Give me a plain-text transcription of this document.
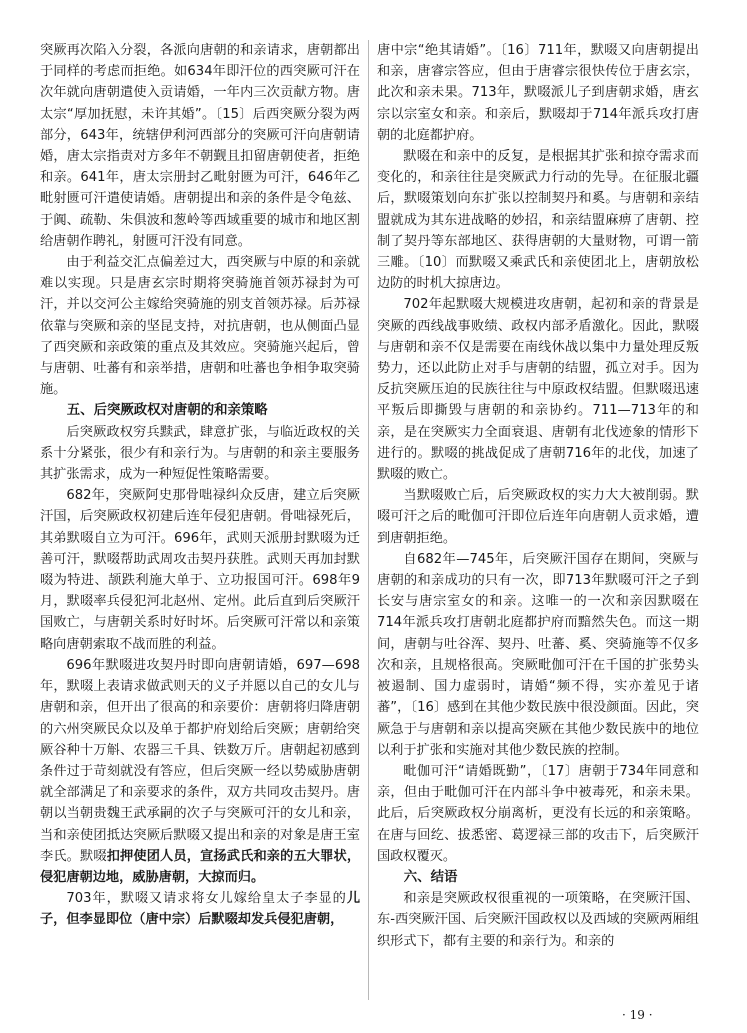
突厥再次陷入分裂，各派向唐朝的和亲请求，唐朝都出于同样的考虑而拒绝。如634年即汗位的西突厥可汗在次年就向唐朝遣使入贡请婚，一年内三次贡献方物。唐太宗“厚加抚慰，未许其婚”。〔15〕后西突厥分裂为两部分，643年，统辖伊利河西部分的突厥可汗向唐朝请婚，唐太宗指责对方多年不朝觐且扣留唐朝使者，拒绝和亲。641年，唐太宗册封乙毗射匮为可汗，646年乙毗射匮可汗遣使请婚。唐朝提出和亲的条件是令龟兹、于阗、疏勒、朱俱波和葱岭等西域重要的城市和地区割给唐朝作聘礼，射匮可汗没有同意。

由于利益交汇点偏差过大，西突厥与中原的和亲就难以实现。只是唐玄宗时期将突骑施首领苏禄封为可汗，并以交河公主嫁给突骑施的别支首领苏禄。后苏禄依靠与突厥和亲的坚昆支持，对抗唐朝，也从侧面凸显了西突厥和亲政策的重点及其效应。突骑施兴起后，曾与唐朝、吐蕃有和亲举措，唐朝和吐蕃也争相争取突骑施。

五、后突厥政权对唐朝的和亲策略

后突厥政权穷兵黩武，肆意扩张，与临近政权的关系十分紧张，很少有和亲行为。与唐朝的和亲主要服务其扩张需求，成为一种短促性策略需要。

682年，突厥阿史那骨咄禄纠众反唐，建立后突厥汗国，后突厥政权初建后连年侵犯唐朝。骨咄禄死后，其弟默啜自立为可汗。696年，武则天派册封默啜为迁善可汗，默啜帮助武周攻击契丹获胜。武则天再加封默啜为特进、颉跌利施大单于、立功报国可汗。698年9月，默啜率兵侵犯河北赵州、定州。此后直到后突厥汗国败亡，与唐朝关系时好时坏。后突厥可汗常以和亲策略向唐朝索取不战而胜的利益。

696年默啜进攻契丹时即向唐朝请婚，697—698年，默啜上表请求做武则天的义子并愿以自己的女儿与唐朝和亲，但开出了很高的和亲要价：唐朝将归降唐朝的六州突厥民众以及单于都护府划给后突厥；唐朝给突厥谷种十万斛、农器三千具、铁数万斤。唐朝起初感到条件过于苛刻就没有答应，但后突厥一经以势威胁唐朝就全部满足了和亲要求的条件，双方共同攻击契丹。唐朝以当朝贵魏王武承嗣的次子与突厥可汗的女儿和亲，当和亲使团抵达突厥后默啜又提出和亲的对象是唐王室李氏。默啜扣押使团人员，宣扬武氏和亲的五大罪状，侵犯唐朝边地，威胁唐朝，大掠而归。

703年，默啜又请求将女儿嫁给皇太子李显的儿子，但李显即位（唐中宗）后默啜却发兵侵犯唐朝，

唐中宗“绝其请婚”。〔16〕711年，默啜又向唐朝提出和亲，唐睿宗答应，但由于唐睿宗很快传位于唐玄宗，此次和亲未果。713年，默啜派儿子到唐朝求婚，唐玄宗以宗室女和亲。和亲后，默啜却于714年派兵攻打唐朝的北庭都护府。

默啜在和亲中的反复，是根据其扩张和掠夺需求而变化的，和亲往往是突厥武力行动的先导。在征服北疆后，默啜策划向东扩张以控制契丹和奚。与唐朝和亲结盟就成为其东进战略的妙招，和亲结盟麻痹了唐朝、控制了契丹等东部地区、获得唐朝的大量财物，可谓一箭三雕。〔10〕而默啜又乘武氏和亲使团北上，唐朝放松边防的时机大掠唐边。

702年起默啜大规模进攻唐朝，起初和亲的背景是突厥的西线战事败绩、政权内部矛盾激化。因此，默啜与唐朝和亲不仅是需要在南线休战以集中力量处理反叛势力，还以此防止对手与唐朝的结盟，孤立对手。因为反抗突厥压迫的民族往往与中原政权结盟。但默啜迅速平叛后即撕毁与唐朝的和亲协约。711—713年的和亲，是在突厥实力全面衰退、唐朝有北伐迹象的情形下进行的。默啜的挑战促成了唐朝716年的北伐，加速了默啜的败亡。

当默啜败亡后，后突厥政权的实力大大被削弱。默啜可汗之后的毗伽可汗即位后连年向唐朝人贡求婚，遭到唐朝拒绝。

自682年—745年，后突厥汗国存在期间，突厥与唐朝的和亲成功的只有一次，即713年默啜可汗之子到长安与唐宗室女的和亲。这唯一的一次和亲因默啜在714年派兵攻打唐朝北庭都护府而黯然失色。而这一期间，唐朝与吐谷浑、契丹、吐蕃、奚、突骑施等不仅多次和亲，且规格很高。突厥毗伽可汗在千国的扩张势头被遏制、国力虚弱时，请婚“频不得，实亦羞见于诸蕃”，〔16〕感到在其他少数民族中很没颜面。因此，突厥急于与唐朝和亲以提高突厥在其他少数民族中的地位以利于扩张和实施对其他少数民族的控制。

毗伽可汗“请婚既勤”，〔17〕唐朝于734年同意和亲，但由于毗伽可汗在内部斗争中被毒死，和亲未果。此后，后突厥政权分崩离析，更没有长远的和亲策略。在唐与回纥、拔悉密、葛逻禄三部的攻击下，后突厥汗国政权覆灭。

六、结语

和亲是突厥政权很重视的一项策略，在突厥汗国、东-西突厥汗国、后突厥汗国政权以及西域的突厥两厢组织形式下，都有主要的和亲行为。和亲的

· 19 ·
